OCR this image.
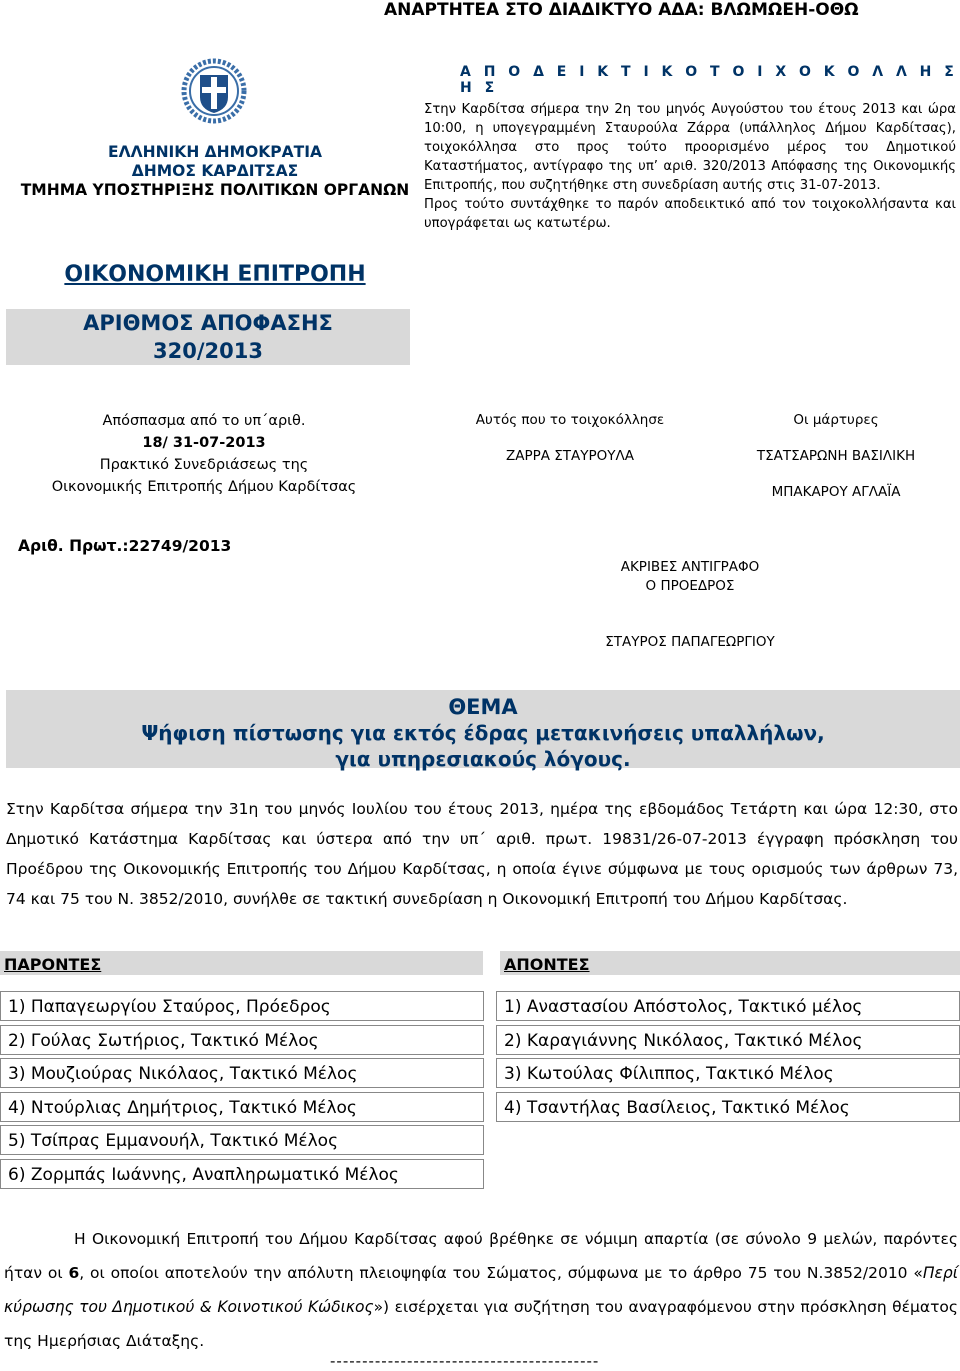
ΑΝΑΡΤΗΤΕΑ ΣΤΟ ΔΙΑΔΙΚΤΥΟ ΑΔΑ: ΒΛΩΜΩΕΗ-ΟΘΩ
ΕΛΛΗΝΙΚΗ ΔΗΜΟΚΡΑΤΙΑ
ΔΗΜΟΣ ΚΑΡΔΙΤΣΑΣ
ΤΜΗΜΑ ΥΠΟΣΤΗΡΙΞΗΣ ΠΟΛΙΤΙΚΩΝ ΟΡΓΑΝΩΝ
ΟΙΚΟΝΟΜΙΚΗ ΕΠΙΤΡΟΠΗ
ΑΡΙΘΜΟΣ ΑΠΟΦΑΣΗΣ
320/2013
Α Π Ο Δ Ε Ι Κ Τ Ι Κ Ο Τ Ο Ι Χ Ο Κ Ο Λ Λ Η Σ Η Σ

Στην Καρδίτσα σήμερα την 2η του μηνός Αυγούστου του έτους 2013 και ώρα 10:00, η υπογεγραμμένη Σταυρούλα Ζάρρα (υπάλληλος Δήμου Καρδίτσας), τοιχοκόλλησα στο προς τούτο προορισμένο μέρος του Δημοτικού Καταστήματος, αντίγραφο της υπ’ αριθ. 320/2013 Απόφασης της Οικονομικής Επιτροπής, που συζητήθηκε στη συνεδρίαση αυτής στις 31-07-2013.

Προς τούτο συντάχθηκε το παρόν αποδεικτικό από τον τοιχοκολλήσαντα και υπογράφεται ως κατωτέρω.

Απόσπασμα από το υπ΄αριθ.
18/ 31-07-2013
Πρακτικό Συνεδριάσεως της
Οικονομικής Επιτροπής Δήμου Καρδίτσας
Αυτός που το τοιχοκόλλησε
ΖΑΡΡΑ ΣΤΑΥΡΟΥΛΑ
Οι μάρτυρες
ΤΣΑΤΣΑΡΩΝΗ ΒΑΣΙΛΙΚΗ
ΜΠΑΚΑΡΟΥ ΑΓΛΑΪΑ
Αριθ. Πρωτ.:22749/2013
ΑΚΡΙΒΕΣ ΑΝΤΙΓΡΑΦΟ
Ο ΠΡΟΕΔΡΟΣ
ΣΤΑΥΡΟΣ ΠΑΠΑΓΕΩΡΓΙΟΥ
ΘΕΜΑ
Ψήφιση πίστωσης για εκτός έδρας μετακινήσεις υπαλλήλων,
για υπηρεσιακούς λόγους.
Στην Καρδίτσα σήμερα την 31η του μηνός Ιουλίου του έτους 2013, ημέρα της εβδομάδος Τετάρτη και ώρα 12:30, στο Δημοτικό Κατάστημα Καρδίτσας και ύστερα από την υπ΄ αριθ. πρωτ. 19831/26-07-2013 έγγραφη πρόσκληση του Προέδρου της Οικονομικής Επιτροπής του Δήμου Καρδίτσας, η οποία έγινε σύμφωνα με τους ορισμούς των άρθρων 73, 74 και 75 του Ν. 3852/2010, συνήλθε σε τακτική συνεδρίαση η Οικονομική Επιτροπή του Δήμου Καρδίτσας.
ΠΑΡΟΝΤΕΣ	ΑΠΟΝΤΕΣ
1) Παπαγεωργίου Σταύρος, Πρόεδρος
2) Γούλας Σωτήριος, Τακτικό Μέλος
3) Μουζιούρας Νικόλαος, Τακτικό Μέλος
4) Ντούρλιας Δημήτριος, Τακτικό Μέλος
5) Τσίπρας Εμμανουήλ, Τακτικό Μέλος
6) Ζορμπάς Ιωάννης, Αναπληρωματικό Μέλος
1) Αναστασίου Απόστολος, Τακτικό μέλος
2) Καραγιάννης Νικόλαος, Τακτικό Μέλος
3) Κωτούλας Φίλιππος, Τακτικό Μέλος
4) Τσαντήλας Βασίλειος, Τακτικό Μέλος
Η Οικονομική Επιτροπή του Δήμου Καρδίτσας αφού βρέθηκε σε νόμιμη απαρτία (σε σύνολο 9 μελών, παρόντες ήταν οι 6, οι οποίοι αποτελούν την απόλυτη πλειοψηφία του Σώματος, σύμφωνα με το άρθρο 75 του Ν.3852/2010 «Περί κύρωσης του Δημοτικού & Κοινοτικού Κώδικος») εισέρχεται για συζήτηση του αναγραφόμενου στην πρόσκληση θέματος της Ημερήσιας Διάταξης.
------------------------------------------
